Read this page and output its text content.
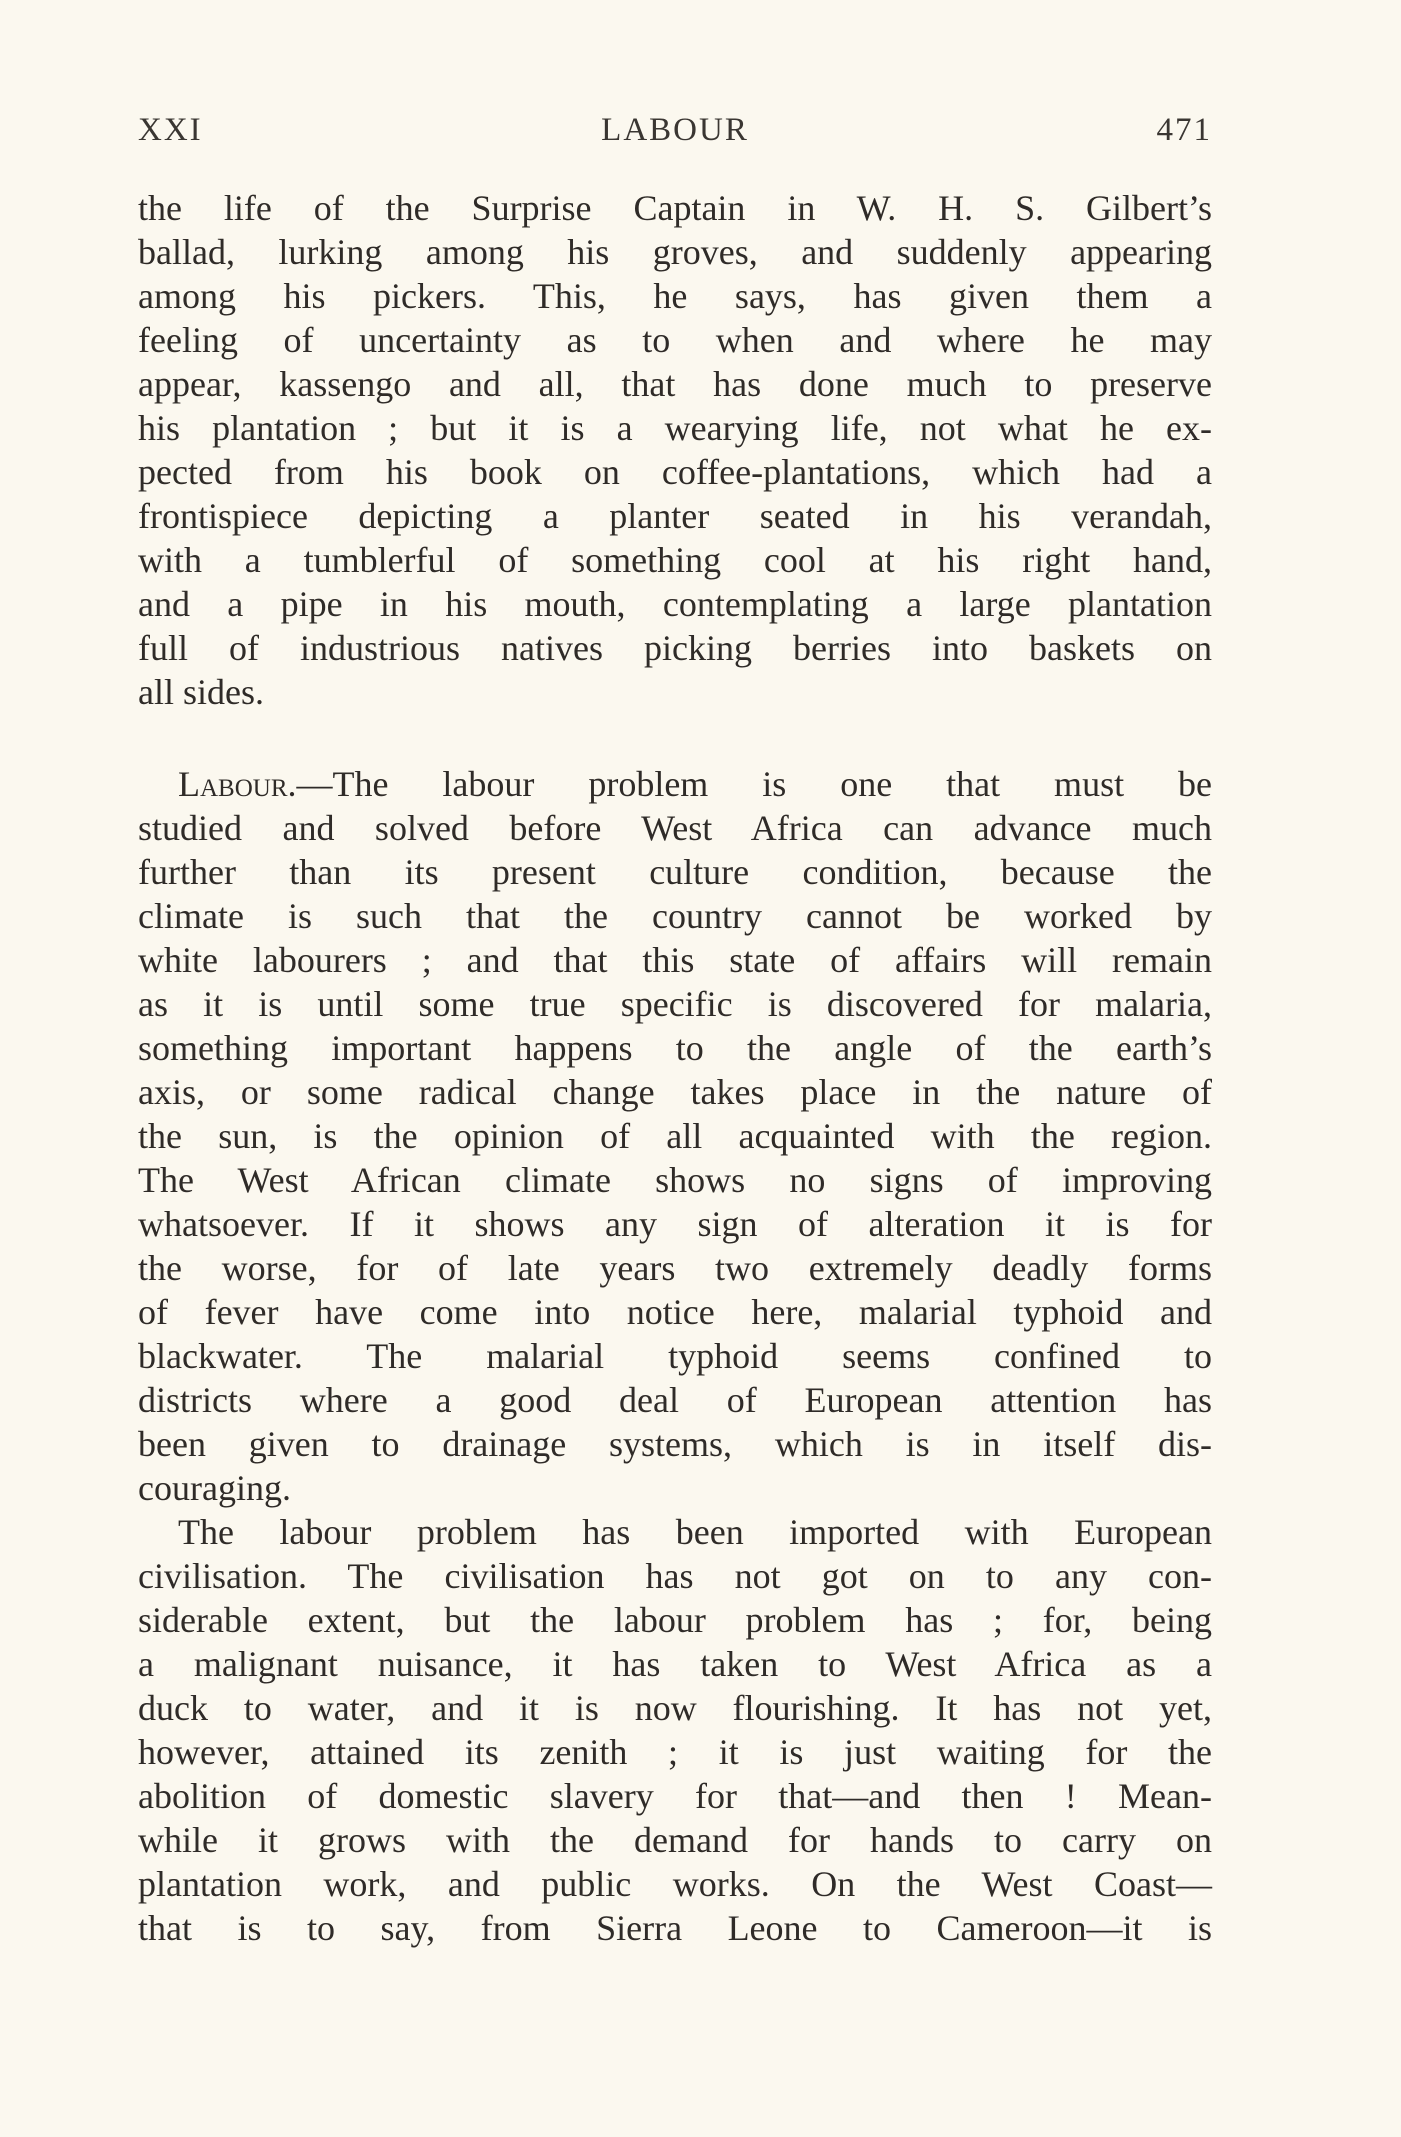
XXI	LABOUR	471
the life of the Surprise Captain in W. H. S. Gilbert’s
ballad, lurking among his groves, and suddenly appearing
among his pickers. This, he says, has given them a
feeling of uncertainty as to when and where he may
appear, kassengo and all, that has done much to preserve
his plantation ; but it is a wearying life, not what he ex-
pected from his book on coffee-plantations, which had a
frontispiece depicting a planter seated in his verandah,
with a tumblerful of something cool at his right hand,
and a pipe in his mouth, contemplating a large plantation
full of industrious natives picking berries into baskets on
all sides.
Labour.—The labour problem is one that must be
studied and solved before West Africa can advance much
further than its present culture condition, because the
climate is such that the country cannot be worked by
white labourers ; and that this state of affairs will remain
as it is until some true specific is discovered for malaria,
something important happens to the angle of the earth’s
axis, or some radical change takes place in the nature of
the sun, is the opinion of all acquainted with the region.
The West African climate shows no signs of improving
whatsoever. If it shows any sign of alteration it is for
the worse, for of late years two extremely deadly forms
of fever have come into notice here, malarial typhoid and
blackwater. The malarial typhoid seems confined to
districts where a good deal of European attention has
been given to drainage systems, which is in itself dis-
couraging.
The labour problem has been imported with European
civilisation. The civilisation has not got on to any con-
siderable extent, but the labour problem has ; for, being
a malignant nuisance, it has taken to West Africa as a
duck to water, and it is now flourishing. It has not yet,
however, attained its zenith ; it is just waiting for the
abolition of domestic slavery for that—and then ! Mean-
while it grows with the demand for hands to carry on
plantation work, and public works. On the West Coast—
that is to say, from Sierra Leone to Cameroon—it is
